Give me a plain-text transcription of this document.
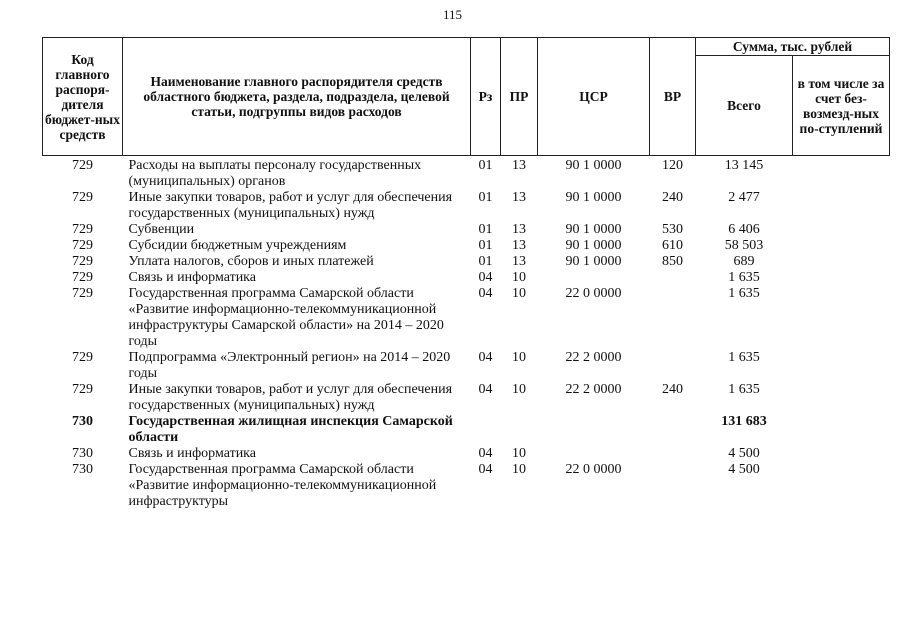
115
Код главного распоря-дителя бюджет-ных средств	Наименование главного распорядителя средств областного бюджета, раздела, подраздела, целевой статьи, подгруппы видов расходов	Рз	ПР	ЦСР	ВР	Сумма, тыс. рублей	
						Всего	в том числе за счет без-возмезд-ных по-ступлений
729	Расходы на выплаты персоналу государственных (муниципальных) органов	01	13	90 1 0000	120	13 145	
729	Иные закупки товаров, работ и услуг для обеспечения государственных (муниципальных) нужд	01	13	90 1 0000	240	2 477	
729	Субвенции	01	13	90 1 0000	530	6 406	
729	Субсидии бюджетным учреждениям	01	13	90 1 0000	610	58 503	
729	Уплата налогов, сборов и иных платежей	01	13	90 1 0000	850	689	
729	Связь и информатика	04	10			1 635	
729	Государственная программа Самарской области «Развитие информационно-телекоммуникационной инфраструктуры Самарской области» на 2014 – 2020 годы	04	10	22 0 0000		1 635	
729	Подпрограмма «Электронный регион» на 2014 – 2020 годы	04	10	22 2 0000		1 635	
729	Иные закупки товаров, работ и услуг для обеспечения государственных (муниципальных) нужд	04	10	22 2 0000	240	1 635	
730	Государственная жилищная инспекция Самарской области					131 683	
730	Связь и информатика	04	10			4 500	
730	Государственная программа Самарской области «Развитие информационно-телекоммуникационной инфраструктуры	04	10	22 0 0000		4 500	
